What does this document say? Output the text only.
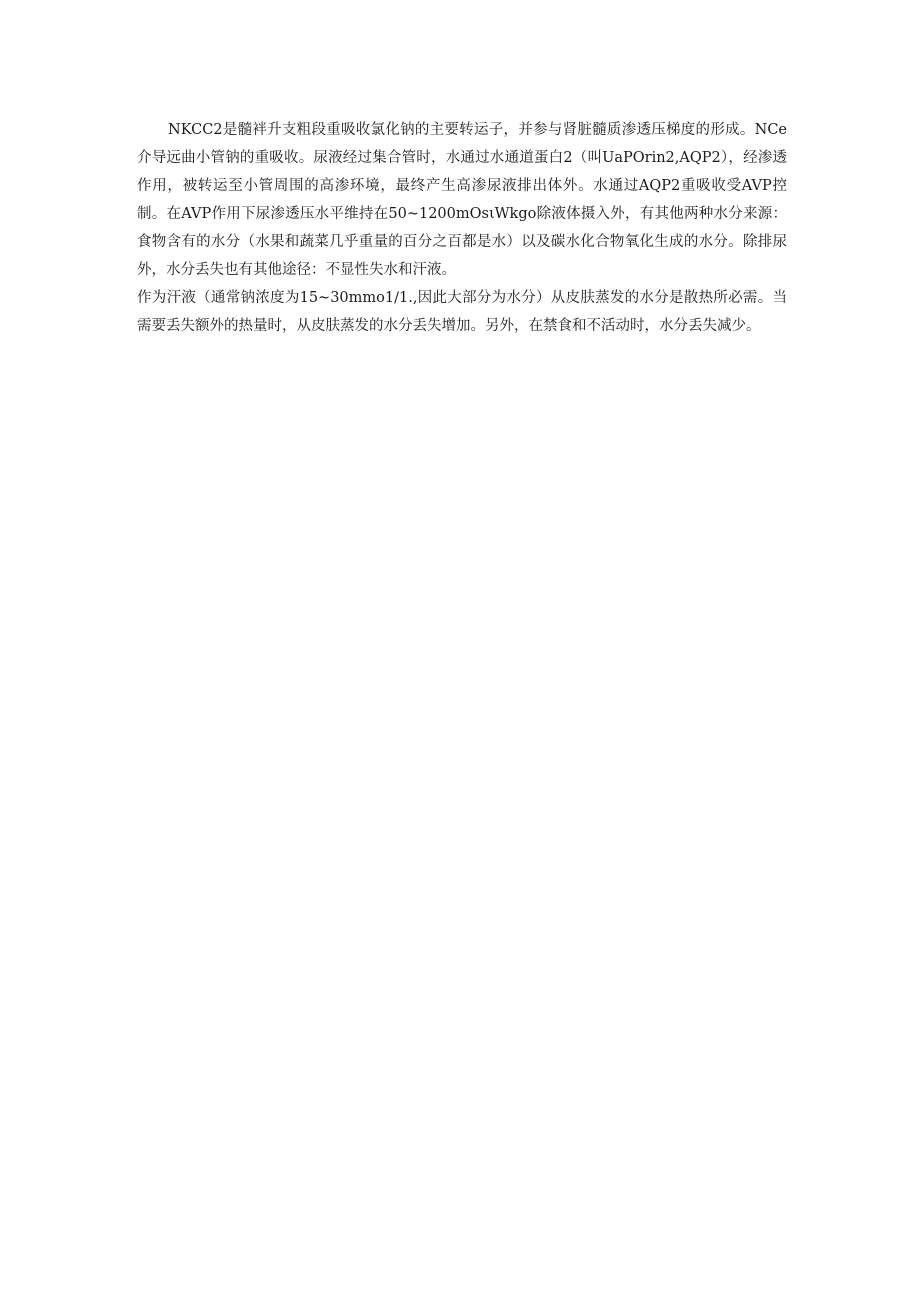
NKCC2是髓袢升支粗段重吸收氯化钠的主要转运子，并参与肾脏髓质渗透压梯度的形成。NCe介导远曲小管钠的重吸收。尿液经过集合管时，水通过水通道蛋白2（叫UaPOrin2,AQP2），经渗透作用，被转运至小管周围的高渗环境，最终产生高渗尿液排出体外。水通过AQP2重吸收受AVP控制。在AVP作用下尿渗透压水平维持在50~1200mOsιWkgo除液体摄入外，有其他两种水分来源：食物含有的水分（水果和蔬菜几乎重量的百分之百都是水）以及碳水化合物氧化生成的水分。除排尿外，水分丢失也有其他途径：不显性失水和汗液。

作为汗液（通常钠浓度为15~30mmo1∕1.,因此大部分为水分）从皮肤蒸发的水分是散热所必需。当需要丢失额外的热量时，从皮肤蒸发的水分丢失增加。另外，在禁食和不活动时，水分丢失减少。
